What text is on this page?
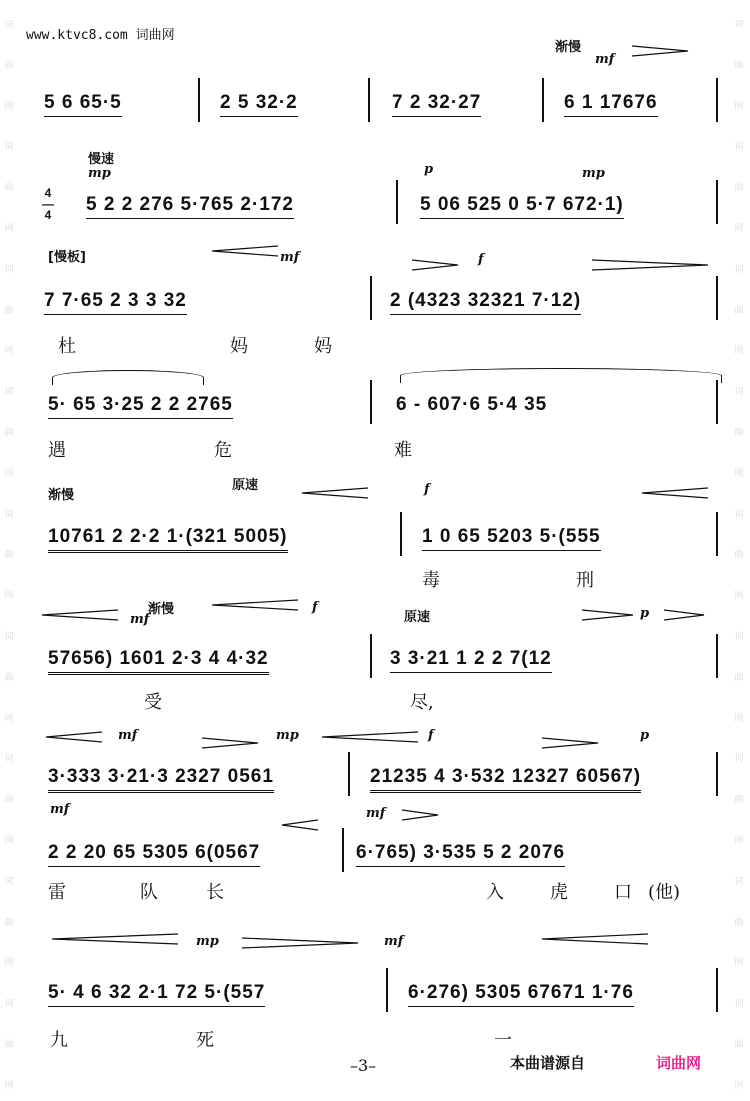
词
曲
网
词
曲
网
词
曲
网
词
曲
网
词
曲
网
词
曲
网
词
曲
网
词
曲
网
词
曲
网
词
曲
网
词
曲
网
词
曲
网
词
曲
网
词
曲
网
词
曲
网
词
曲
网
词
曲
网
词
曲
网
www.ktvc8.com 词曲网
渐慢
mf
5 6 65·5	2 5 32·2	7 2 32·27	6 1 17676
慢速
mp	p	mp
4
—
4 5 2 2 276 5·765 2·172	5 06 525 0 5·7 672·1)
[慢板]	mf	f
7 7·65 2 3 3 32	2 (4323 32321 7·12)
杜	妈	妈
5· 65 3·25 2 2 2765	6 - 607·6 5·4 35
遇	危	难
渐慢
原速	f
10761 2 2·2 1·(321 5005)	1 0 65 5203 5·(555
毒	刑
渐慢
原速
mf
f	p
57656) 1601 2·3 4 4·32	3 3·21 1 2 2 7(12
受	尽,
mf	mp	f	p
3·333 3·21·3 2327 0561	21235 4 3·532 12327 60567)
mf	mf
2 2 20 65 5305 6(0567	6·765) 3·535 5 2 2076
雷	队	长	入	虎	口 (他)
mp	mf
5· 4 6 32 2·1 72 5·(557	6·276) 5305 67671 1·76
九	死	一
–3–	本曲谱源自	词曲网
